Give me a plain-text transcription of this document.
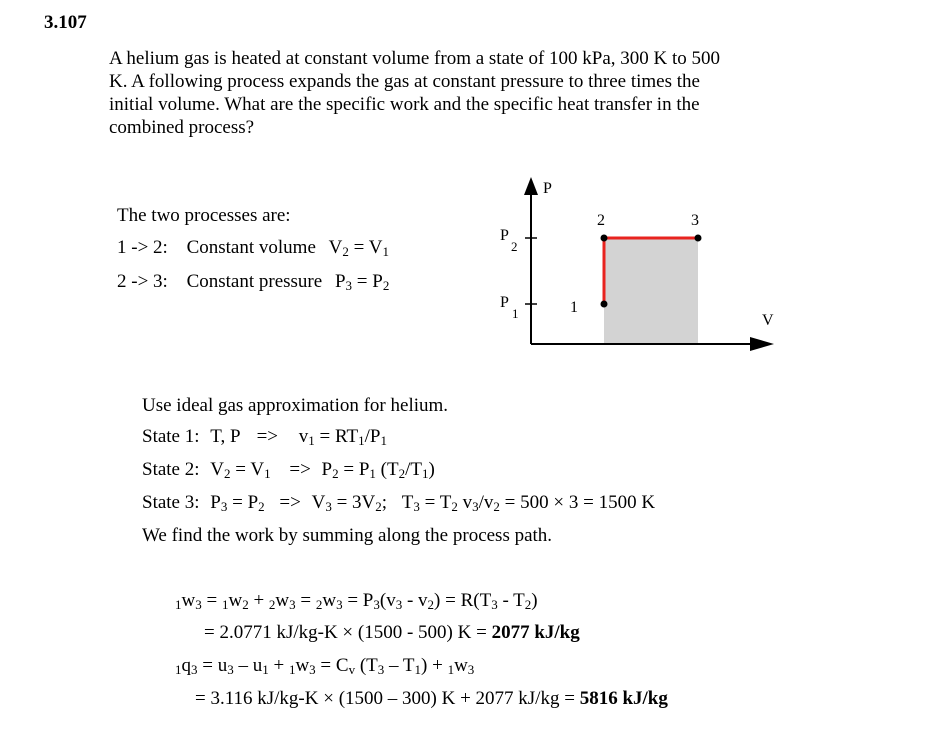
3.107
A helium gas is heated at constant volume from a state of 100 kPa, 300 K to 500
K. A following process expands the gas at constant pressure to three times the
initial volume. What are the specific work and the specific heat transfer in the
combined process?
The two processes are:
1 -> 2: Constant volume $V_2 = V_1$
2 -> 3: Constant pressure $P_3 = P_2$
P
V
P
2
P
1	1
2	3
Use ideal gas approximation for helium.
State 1: T, $P => v_1 = RT_1/P_1$
State 2: $V_2 = V_1 => P_2 = P_1$ $(T_2/T_1)$
State 3: $P_3 = P_2 => V_3 = 3V_2$; $T_3 = T_2$ $v_3/v_2 = 500 \times 3 = 1500$ K
We find the work by summing along the process path.
$_1w_3 = _1w_2 + _2w_3 = _2w_3 = P_3(v_3 - v_2) = R(T_3 - T_2)$
= 2.0771 kJ/kg-K × (1500 - 500) K = 2077 kJ/kg
$_1q_3 = u_3 - u_1 + _1w_3 = C_v$ $(T_3 - T_1) + _1w_3$
= 3.116 kJ/kg-K × (1500 – 300) K + 2077 kJ/kg = 5816 kJ/kg
